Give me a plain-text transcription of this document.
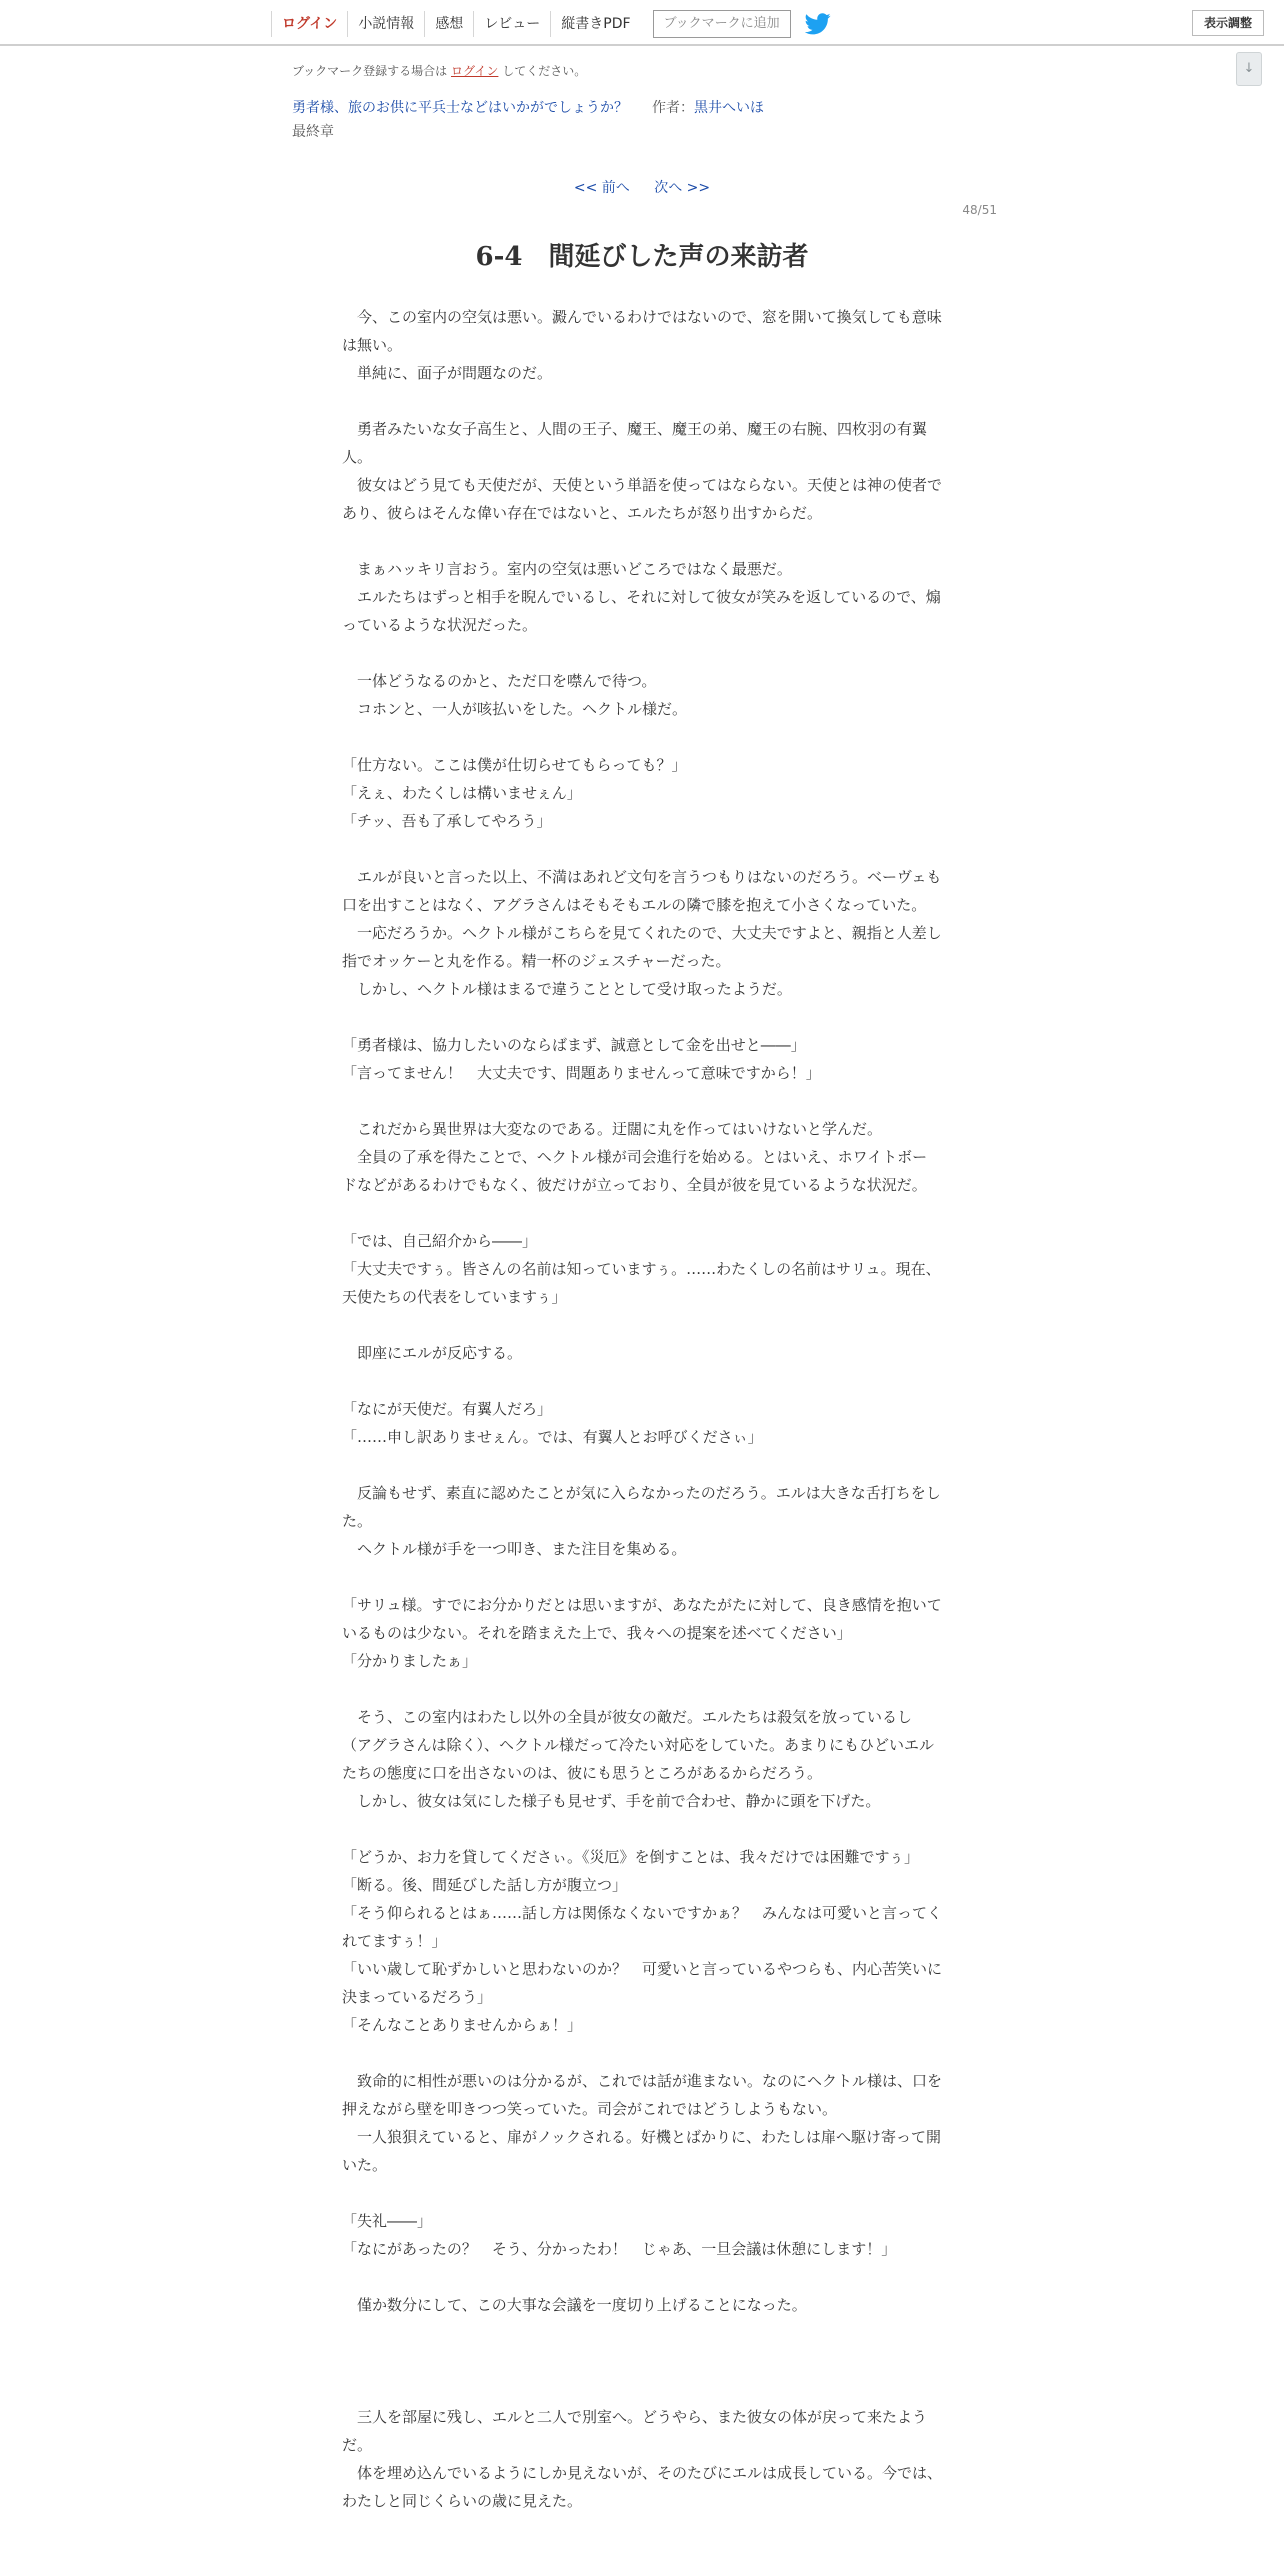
ログイン	小説情報	感想	レビュー	縦書きPDF	ブックマークに追加	表示調整
↓
ブックマーク登録する場合は ログイン してください。
勇者様、旅のお供に平兵士などはいかがでしょうか？ 作者：黒井へいほ
最終章
<< 前へ 次へ >>
48/51
6-4　間延びした声の来訪者

　今、この室内の空気は悪い。澱んでいるわけではないので、窓を開いて換気しても意味は無い。

　単純に、面子が問題なのだ。

　勇者みたいな女子高生と、人間の王子、魔王、魔王の弟、魔王の右腕、四枚羽の有翼人。

　彼女はどう見ても天使だが、天使という単語を使ってはならない。天使とは神の使者であり、彼らはそんな偉い存在ではないと、エルたちが怒り出すからだ。

　まぁハッキリ言おう。室内の空気は悪いどころではなく最悪だ。

　エルたちはずっと相手を睨んでいるし、それに対して彼女が笑みを返しているので、煽っているような状況だった。

　一体どうなるのかと、ただ口を噤んで待つ。

　コホンと、一人が咳払いをした。ヘクトル様だ。

「仕方ない。ここは僕が仕切らせてもらっても？」

「えぇ、わたくしは構いませぇん」

「チッ、吾も了承してやろう」

　エルが良いと言った以上、不満はあれど文句を言うつもりはないのだろう。ベーヴェも口を出すことはなく、アグラさんはそもそもエルの隣で膝を抱えて小さくなっていた。

　一応だろうか。ヘクトル様がこちらを見てくれたので、大丈夫ですよと、親指と人差し指でオッケーと丸を作る。精一杯のジェスチャーだった。

　しかし、ヘクトル様はまるで違うこととして受け取ったようだ。

「勇者様は、協力したいのならばまず、誠意として金を出せと――」

「言ってません！　大丈夫です、問題ありませんって意味ですから！」

　これだから異世界は大変なのである。迂闊に丸を作ってはいけないと学んだ。

　全員の了承を得たことで、ヘクトル様が司会進行を始める。とはいえ、ホワイトボードなどがあるわけでもなく、彼だけが立っており、全員が彼を見ているような状況だ。

「では、自己紹介から――」

「大丈夫ですぅ。皆さんの名前は知っていますぅ。……わたくしの名前はサリュ。現在、天使たちの代表をしていますぅ」

　即座にエルが反応する。

「なにが天使だ。有翼人だろ」

「……申し訳ありませぇん。では、有翼人とお呼びくださぃ」

　反論もせず、素直に認めたことが気に入らなかったのだろう。エルは大きな舌打ちをした。

　ヘクトル様が手を一つ叩き、また注目を集める。

「サリュ様。すでにお分かりだとは思いますが、あなたがたに対して、良き感情を抱いているものは少ない。それを踏まえた上で、我々への提案を述べてください」

「分かりましたぁ」

　そう、この室内はわたし以外の全員が彼女の敵だ。エルたちは殺気を放っているし（アグラさんは除く）、ヘクトル様だって冷たい対応をしていた。あまりにもひどいエルたちの態度に口を出さないのは、彼にも思うところがあるからだろう。

　しかし、彼女は気にした様子も見せず、手を前で合わせ、静かに頭を下げた。

「どうか、お力を貸してくださぃ。《災厄》を倒すことは、我々だけでは困難ですぅ」

「断る。後、間延びした話し方が腹立つ」

「そう仰られるとはぁ……話し方は関係なくないですかぁ？　みんなは可愛いと言ってくれてますぅ！」

「いい歳して恥ずかしいと思わないのか？　可愛いと言っているやつらも、内心苦笑いに決まっているだろう」

「そんなことありませんからぁ！」

　致命的に相性が悪いのは分かるが、これでは話が進まない。なのにヘクトル様は、口を押えながら壁を叩きつつ笑っていた。司会がこれではどうしようもない。

　一人狼狽えていると、扉がノックされる。好機とばかりに、わたしは扉へ駆け寄って開いた。

「失礼――」

「なにがあったの？　そう、分かったわ！　じゃあ、一旦会議は休憩にします！」

　僅か数分にして、この大事な会議を一度切り上げることになった。

　三人を部屋に残し、エルと二人で別室へ。どうやら、また彼女の体が戻って来たようだ。

　体を埋め込んでいるようにしか見えないが、そのたびにエルは成長している。今では、わたしと同じくらいの歳に見えた。
